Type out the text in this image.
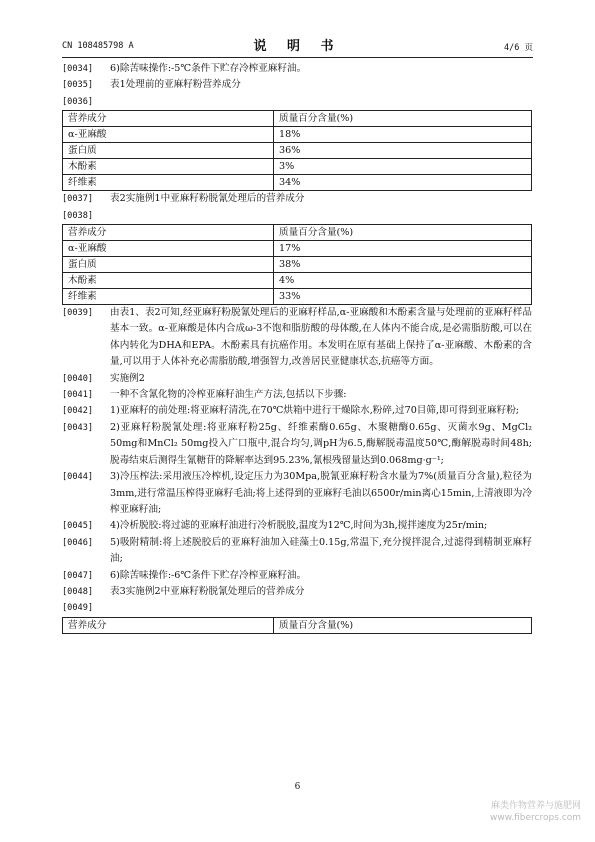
CN 108485798 A	说 明 书	4/6 页
[0034] 6)除苦味操作:-5℃条件下贮存冷榨亚麻籽油。
[0035] 表1处理前的亚麻籽粉营养成分
[0036]

营养成分	质量百分含量(%)
α-亚麻酸	18%
蛋白质	36%
木酚素	3%
纤维素	34%
[0037] 表2实施例1中亚麻籽粉脱氰处理后的营养成分
[0038]

营养成分	质量百分含量(%)
α-亚麻酸	17%
蛋白质	38%
木酚素	4%
纤维素	33%
[0039] 由表1、表2可知,经亚麻籽粉脱氰处理后的亚麻籽样品,α-亚麻酸和木酚素含量与处理前的亚麻籽样品基本一致。α-亚麻酸是体内合成ω-3不饱和脂肪酸的母体酸,在人体内不能合成,是必需脂肪酸,可以在体内转化为DHA和EPA。木酚素具有抗癌作用。本发明在原有基础上保持了α-亚麻酸、木酚素的含量,可以用于人体补充必需脂肪酸,增强智力,改善居民亚健康状态,抗癌等方面。
[0040] 实施例2
[0041] 一种不含氰化物的冷榨亚麻籽油生产方法,包括以下步骤:
[0042] 1)亚麻籽的前处理:将亚麻籽清洗,在70℃烘箱中进行干燥除水,粉碎,过70目筛,即可得到亚麻籽粉;
[0043] 2)亚麻籽粉脱氰处理:将亚麻籽粉25g、纤维素酶0.65g、木聚糖酶0.65g、灭菌水9g、MgCl₂ 50mg和MnCl₂ 50mg投入广口瓶中,混合均匀,调pH为6.5,酶解脱毒温度50℃,酶解脱毒时间48h;脱毒结束后测得生氰糖苷的降解率达到95.23%,氰根残留量达到0.068mg·g⁻¹;
[0044] 3)冷压榨法:采用液压冷榨机,设定压力为30Mpa,脱氰亚麻籽粉含水量为7%(质量百分含量),粒径为3mm,进行常温压榨得亚麻籽毛油;将上述得到的亚麻籽毛油以6500r/min离心15min,上清液即为冷榨亚麻籽油;
[0045] 4)冷析脱胶:将过滤的亚麻籽油进行冷析脱胶,温度为12℃,时间为3h,搅拌速度为25r/min;
[0046] 5)吸附精制:将上述脱胶后的亚麻籽油加入硅藻土0.15g,常温下,充分搅拌混合,过滤得到精制亚麻籽油;
[0047] 6)除苦味操作:-6℃条件下贮存冷榨亚麻籽油。
[0048] 表3实施例2中亚麻籽粉脱氰处理后的营养成分
[0049]

营养成分	质量百分含量(%)
6
麻类作物营养与施肥网
www.fibercrops.com
